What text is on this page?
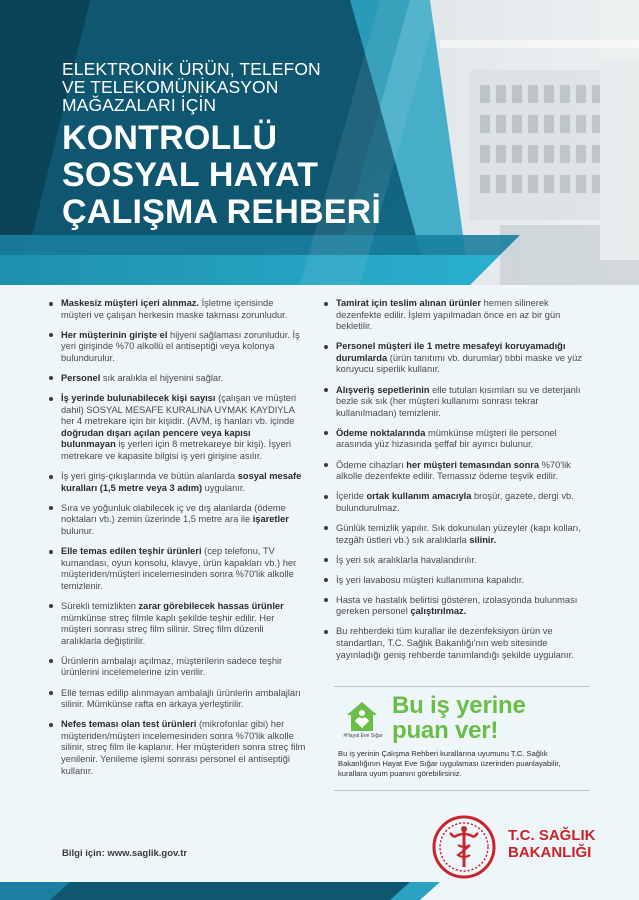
ELEKTRONİK ÜRÜN, TELEFON
VE TELEKOMÜNİKASYON
MAĞAZALARI İÇİN
KONTROLLÜ
SOSYAL HAYAT
ÇALIŞMA REHBERİ
Maskesiz müşteri içeri alınmaz. İşletme içerisinde müşteri ve çalışan herkesin maske takması zorunludur.
Her müşterinin girişte el hijyeni sağlaması zorunludur. İş yeri girişinde %70 alkollü el antiseptiği veya kolonya bulundurulur.
Personel sık aralıkla el hijyenini sağlar.
İş yerinde bulunabilecek kişi sayısı (çalışan ve müşteri dahil) SOSYAL MESAFE KURALINA UYMAK KAYDIYLA her 4 metrekare için bir kişidir. (AVM, iş hanları vb. içinde doğrudan dışarı açılan pencere veya kapısı bulunmayan iş yerleri için 8 metrekareye bir kişi). İşyeri metrekare ve kapasite bilgisi iş yeri girişine asılır.
İş yeri giriş-çıkışlarında ve bütün alanlarda sosyal mesafe kuralları (1,5 metre veya 3 adım) uygulanır.
Sıra ve yoğunluk olabilecek iç ve dış alanlarda (ödeme noktaları vb.) zemin üzerinde 1,5 metre ara ile işaretler bulunur.
Elle temas edilen teşhir ürünleri (cep telefonu, TV kumandası, oyun konsolu, klavye, ürün kapakları vb.) her müşteriden/müşteri incelemesinden sonra %70'lik alkolle temizlenir.
Sürekli temizlikten zarar görebilecek hassas ürünler mümkünse streç filmle kaplı şekilde teşhir edilir. Her müşteri sonrası streç film silinir. Streç film düzenli aralıklarla değiştirilir.
Ürünlerin ambalajı açılmaz, müşterilerin sadece teşhir ürünlerini incelemelerine izin verilir.
Elle temas edilip alınmayan ambalajlı ürünlerin ambalajları silinir. Mümkünse rafta en arkaya yerleştirilir.
Nefes teması olan test ürünleri (mikrofonlar gibi) her müşteriden/müşteri incelemesinden sonra %70'lik alkolle silinir, streç film ile kaplanır. Her müşteriden sonra streç film yenilenir. Yenileme işlemi sonrası personel el antiseptiği kullanır.
Tamirat için teslim alınan ürünler hemen silinerek dezenfekte edilir. İşlem yapılmadan önce en az bir gün bekletilir.
Personel müşteri ile 1 metre mesafeyi koruyamadığı durumlarda (ürün tanıtımı vb. durumlar) tıbbi maske ve yüz koruyucu siperlik kullanır.
Alışveriş sepetlerinin elle tutulan kısımları su ve deterjanlı bezle sık sık (her müşteri kullanımı sonrası tekrar kullanılmadan) temizlenir.
Ödeme noktalarında mümkünse müşteri ile personel arasında yüz hizasında şeffaf bir ayırıcı bulunur.
Ödeme cihazları her müşteri temasından sonra %70'lik alkolle dezenfekte edilir. Temassız ödeme teşvik edilir.
İçeride ortak kullanım amacıyla broşür, gazete, dergi vb. bulundurulmaz.
Günlük temizlik yapılır. Sık dokunulan yüzeyler (kapı kolları, tezgâh üstleri vb.) sık aralıklarla silinir.
İş yeri sık aralıklarla havalandırılır.
İş yeri lavabosu müşteri kullanımına kapalıdır.
Hasta ve hastalık belirtisi gösteren, izolasyonda bulunması gereken personel çalıştırılmaz.
Bu rehberdeki tüm kurallar ile dezenfeksiyon ürün ve standartları, T.C. Sağlık Bakanlığı'nın web sitesinde yayınladığı geniş rehberde tanımlandığı şekilde uygulanır.
#Hayat Eve Sığar
Bu iş yerine
puan ver!
Bu iş yerinin Çalışma Rehberi kurallarına uyumunu T.C. Sağlık Bakanlığının Hayat Eve Sığar uygulaması üzerinden puanlayabilir, kurallara uyum puanını görebilirsiniz.
Bilgi için: www.saglik.gov.tr
T.C. SAĞLIK
BAKANLIĞI
